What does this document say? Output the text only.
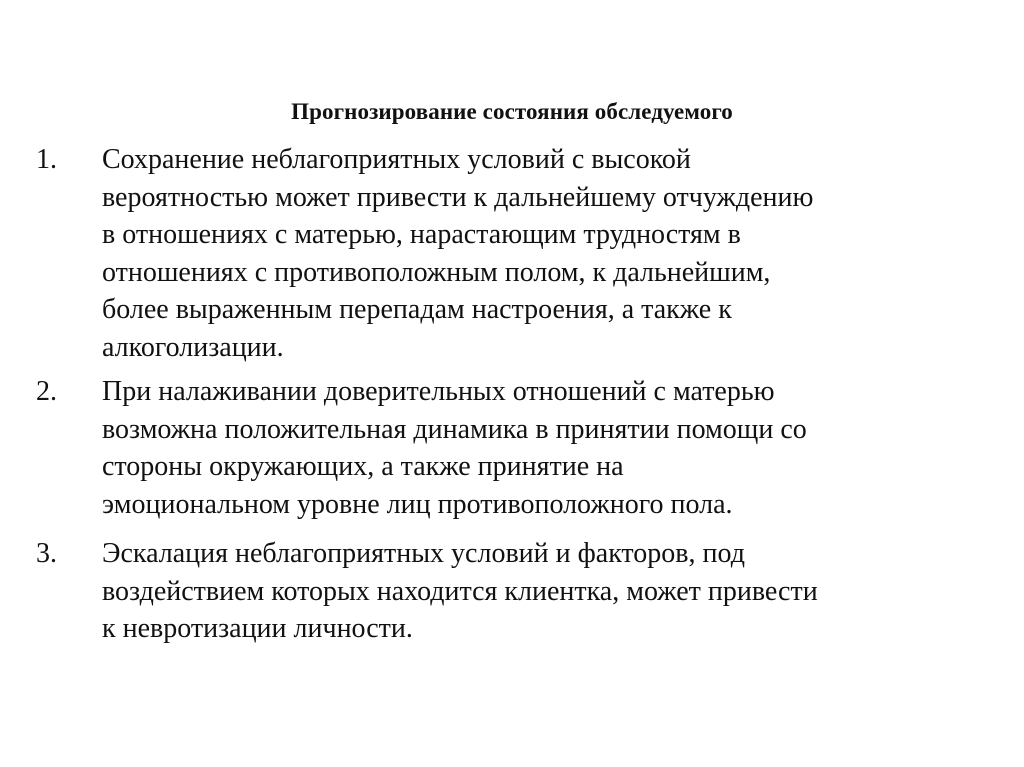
Прогнозирование состояния обследуемого
1. Сохранение неблагоприятных условий с высокой
вероятностью может привести к дальнейшему отчуждению
в отношениях с матерью, нарастающим трудностям в
отношениях с противоположным полом, к дальнейшим,
более выраженным перепадам настроения, а также к
алкоголизации.
2. При налаживании доверительных отношений с матерью
возможна положительная динамика в принятии помощи со
стороны окружающих, а также принятие на
эмоциональном уровне лиц противоположного пола.
3. Эскалация неблагоприятных условий и факторов, под
воздействием которых находится клиентка, может привести
к невротизации личности.
